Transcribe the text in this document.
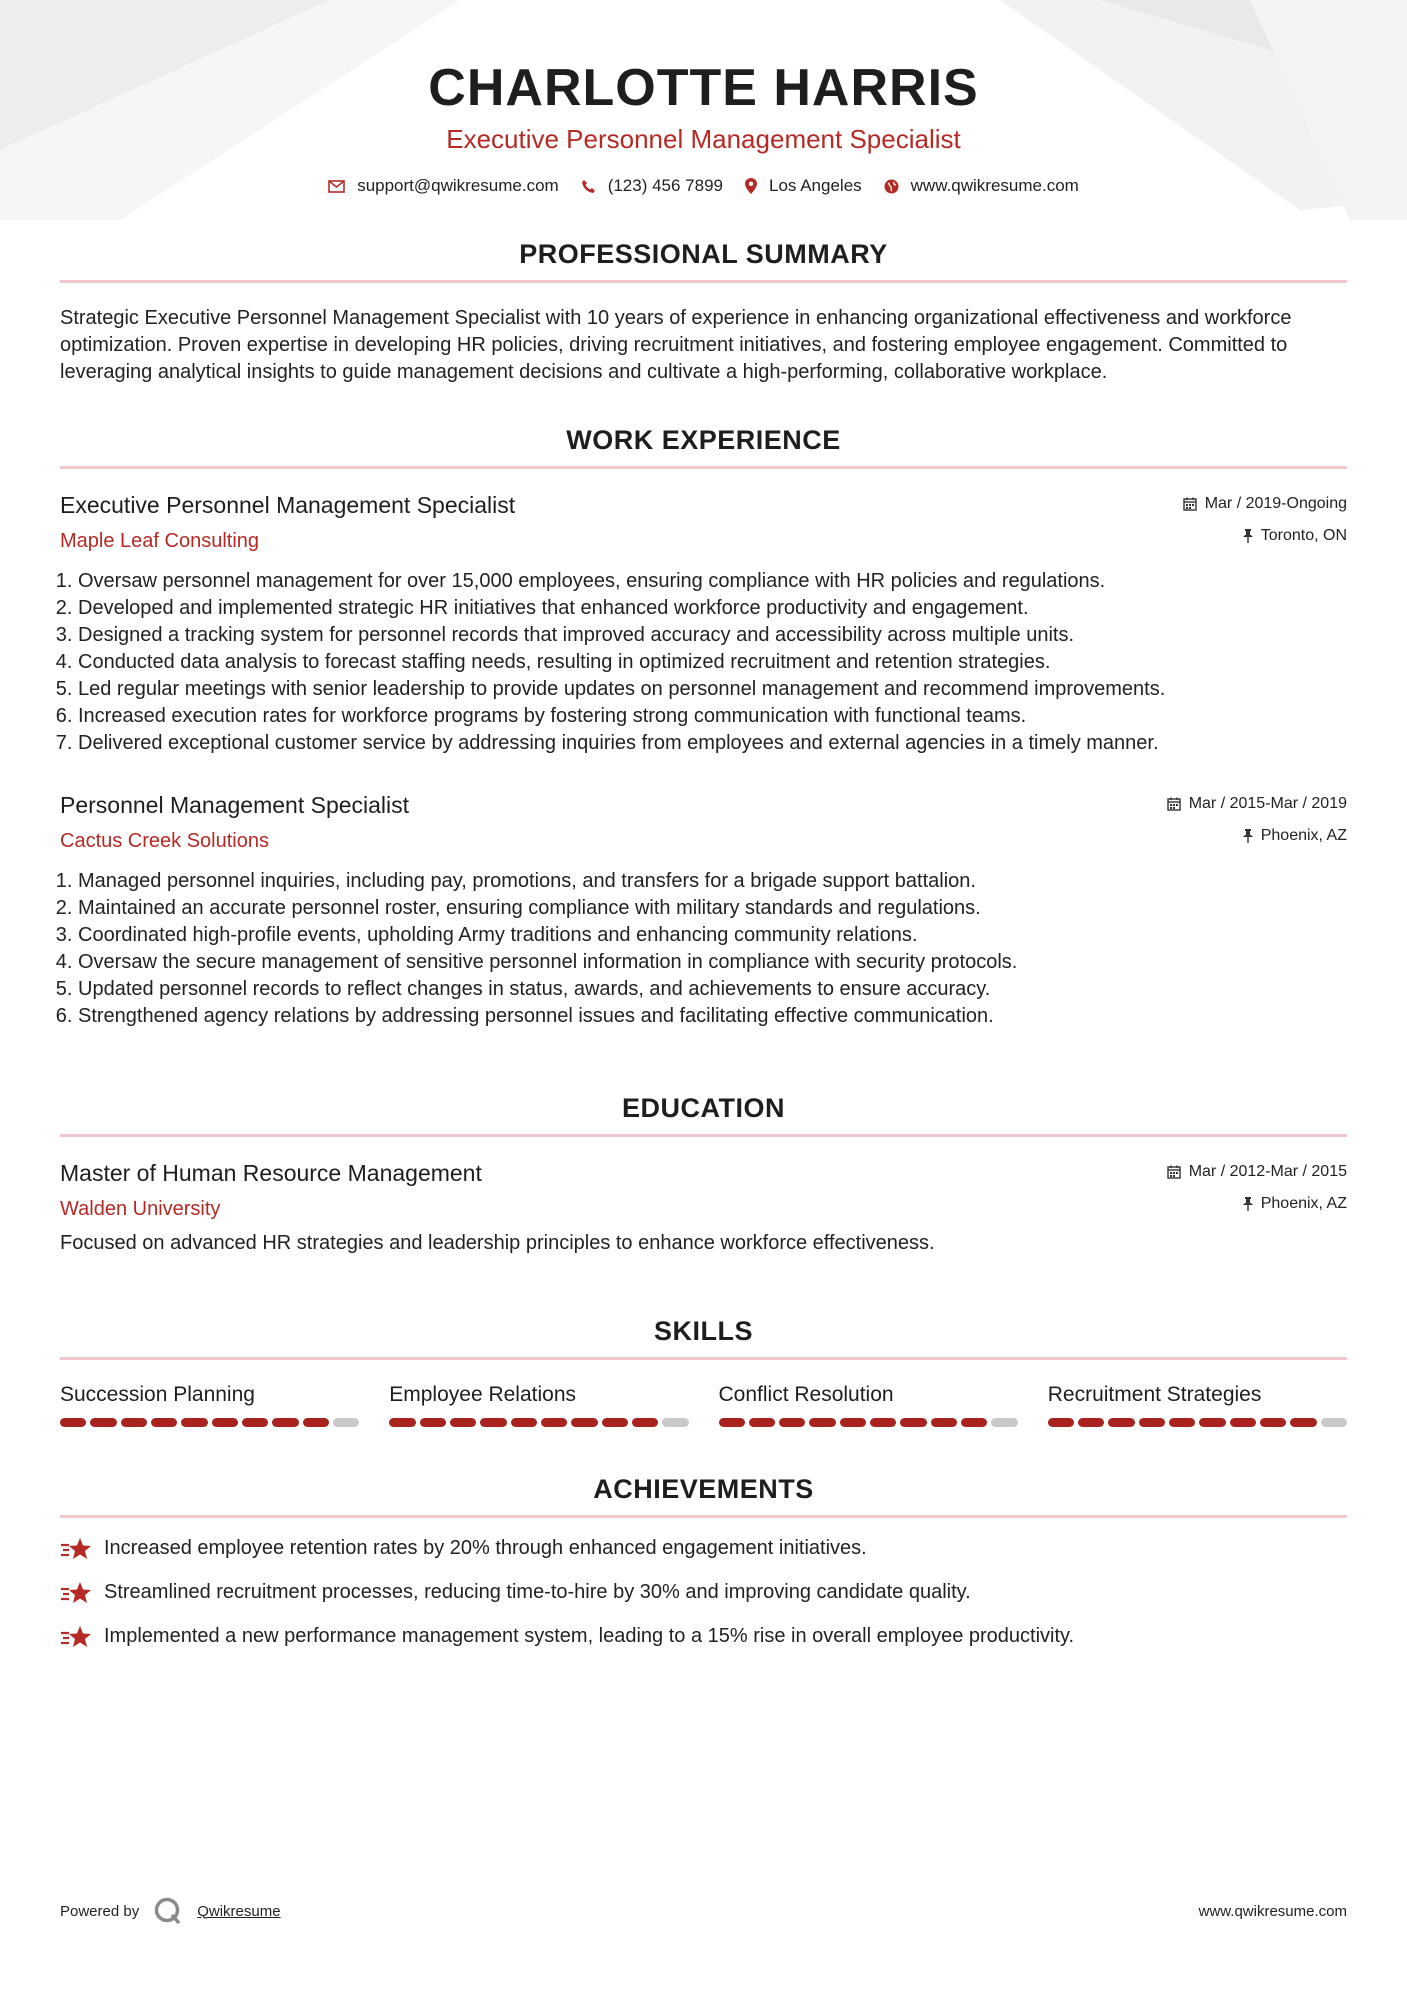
CHARLOTTE HARRIS
Executive Personnel Management Specialist
support@qwikresume.com	(123) 456 7899	Los Angeles	www.qwikresume.com
PROFESSIONAL SUMMARY
Strategic Executive Personnel Management Specialist with 10 years of experience in enhancing organizational effectiveness and workforce optimization. Proven expertise in developing HR policies, driving recruitment initiatives, and fostering employee engagement. Committed to leveraging analytical insights to guide management decisions and cultivate a high-performing, collaborative workplace.
WORK EXPERIENCE
Executive Personnel Management Specialist
Maple Leaf Consulting
Mar / 2019-Ongoing
Toronto, ON
1. Oversaw personnel management for over 15,000 employees, ensuring compliance with HR policies and regulations.
2. Developed and implemented strategic HR initiatives that enhanced workforce productivity and engagement.
3. Designed a tracking system for personnel records that improved accuracy and accessibility across multiple units.
4. Conducted data analysis to forecast staffing needs, resulting in optimized recruitment and retention strategies.
5. Led regular meetings with senior leadership to provide updates on personnel management and recommend improvements.
6. Increased execution rates for workforce programs by fostering strong communication with functional teams.
7. Delivered exceptional customer service by addressing inquiries from employees and external agencies in a timely manner.
Personnel Management Specialist
Cactus Creek Solutions
Mar / 2015-Mar / 2019
Phoenix, AZ
1. Managed personnel inquiries, including pay, promotions, and transfers for a brigade support battalion.
2. Maintained an accurate personnel roster, ensuring compliance with military standards and regulations.
3. Coordinated high-profile events, upholding Army traditions and enhancing community relations.
4. Oversaw the secure management of sensitive personnel information in compliance with security protocols.
5. Updated personnel records to reflect changes in status, awards, and achievements to ensure accuracy.
6. Strengthened agency relations by addressing personnel issues and facilitating effective communication.
EDUCATION
Master of Human Resource Management
Walden University
Mar / 2012-Mar / 2015
Phoenix, AZ
Focused on advanced HR strategies and leadership principles to enhance workforce effectiveness.
SKILLS
Succession Planning	Employee Relations	Conflict Resolution	Recruitment Strategies
ACHIEVEMENTS
Increased employee retention rates by 20% through enhanced engagement initiatives.
Streamlined recruitment processes, reducing time-to-hire by 30% and improving candidate quality.
Implemented a new performance management system, leading to a 15% rise in overall employee productivity.
Powered by	Qwikresume	www.qwikresume.com
